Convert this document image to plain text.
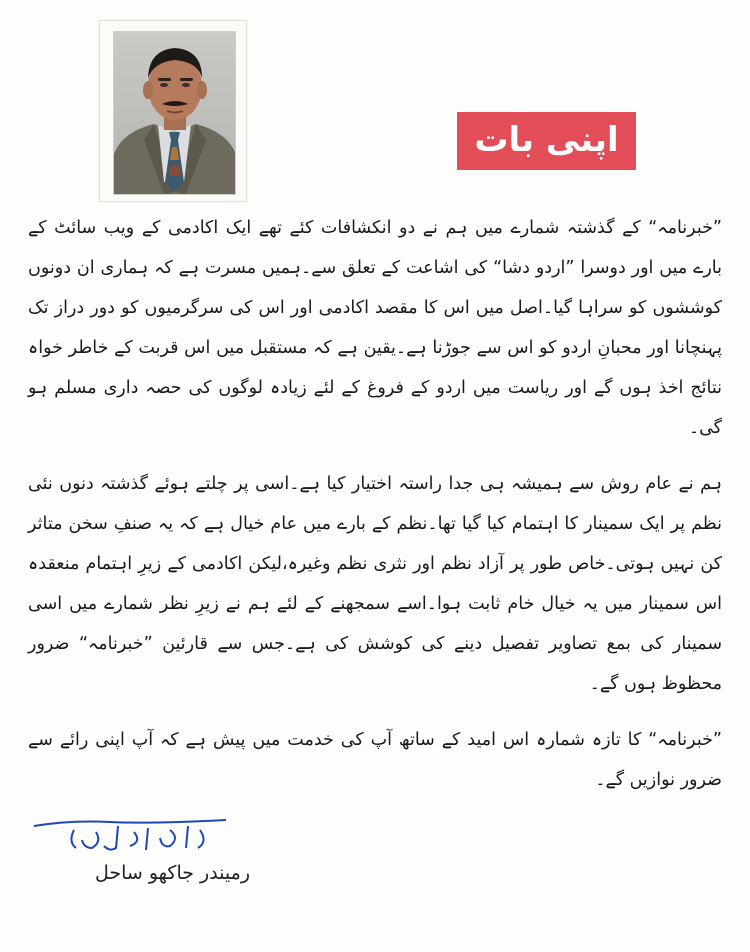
اپنی بات

”خبرنامہ“ کے گذشتہ شمارے میں ہم نے دو انکشافات کئے تھے ایک اکادمی کے ویب سائٹ کے بارے میں اور دوسرا ”اردو دشا“ کی اشاعت کے تعلق سے۔ہمیں مسرت ہے کہ ہماری ان دونوں کوششوں کو سراہا گیا۔اصل میں اس کا مقصد اکادمی اور اس کی سرگرمیوں کو دور دراز تک پہنچانا اور محبانِ اردو کو اس سے جوڑنا ہے۔یقین ہے کہ مستقبل میں اس قربت کے خاطر خواہ نتائج اخذ ہوں گے اور ریاست میں اردو کے فروغ کے لئے زیادہ لوگوں کی حصہ داری مسلم ہو گی۔

ہم نے عام روش سے ہمیشہ ہی جدا راستہ اختیار کیا ہے۔اسی پر چلتے ہوئے گذشتہ دنوں نئی نظم پر ایک سمینار کا اہتمام کیا گیا تھا۔نظم کے بارے میں عام خیال ہے کہ یہ صنفِ سخن متاثر کن نہیں ہوتی۔خاص طور پر آزاد نظم اور نثری نظم وغیرہ،لیکن اکادمی کے زیرِ اہتمام منعقدہ اس سمینار میں یہ خیال خام ثابت ہوا۔اسے سمجھنے کے لئے ہم نے زیرِ نظر شمارے میں اسی سمینار کی بمع تصاویر تفصیل دینے کی کوشش کی ہے۔جس سے قارئین ”خبرنامہ“ ضرور محظوظ ہوں گے۔

”خبرنامہ“ کا تازہ شمارہ اس امید کے ساتھ آپ کی خدمت میں پیش ہے کہ آپ اپنی رائے سے ضرور نوازیں گے۔

رمیندر جاکھو ساحل
